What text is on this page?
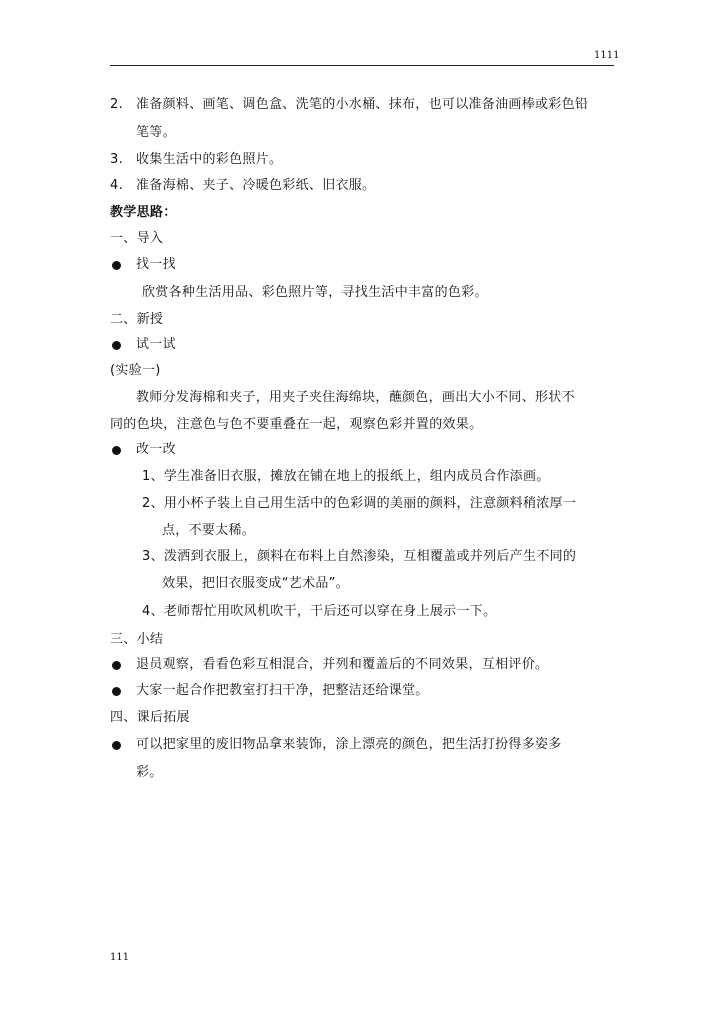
1111
2. 准备颜料、画笔、调色盒、洗笔的小水桶、抹布，也可以准备油画棒或彩色铅
笔等。
3. 收集生活中的彩色照片。
4. 准备海棉、夹子、冷暖色彩纸、旧衣服。
教学思路：
一、导入
找一找
欣赏各种生活用品、彩色照片等，寻找生活中丰富的色彩。
二、新授
试一试
(实验一)
教师分发海棉和夹子，用夹子夹住海绵块，蘸颜色，画出大小不同、形状不
同的色块，注意色与色不要重叠在一起，观察色彩并置的效果。
改一改
1、学生准备旧衣服，摊放在铺在地上的报纸上，组内成员合作添画。
2、用小杯子装上自己用生活中的色彩调的美丽的颜料，注意颜料稍浓厚一
点，不要太稀。
3、泼洒到衣服上，颜料在布料上自然渗染，互相覆盖或并列后产生不同的
效果，把旧衣服变成“艺术品”。
4、老师帮忙用吹风机吹干，干后还可以穿在身上展示一下。
三、小结
退员观察，看看色彩互相混合，并列和覆盖后的不同效果，互相评价。
大家一起合作把教室打扫干净，把整洁还给课堂。
四、课后拓展
可以把家里的废旧物品拿来装饰，涂上漂亮的颜色，把生活打扮得多姿多
彩。
111
